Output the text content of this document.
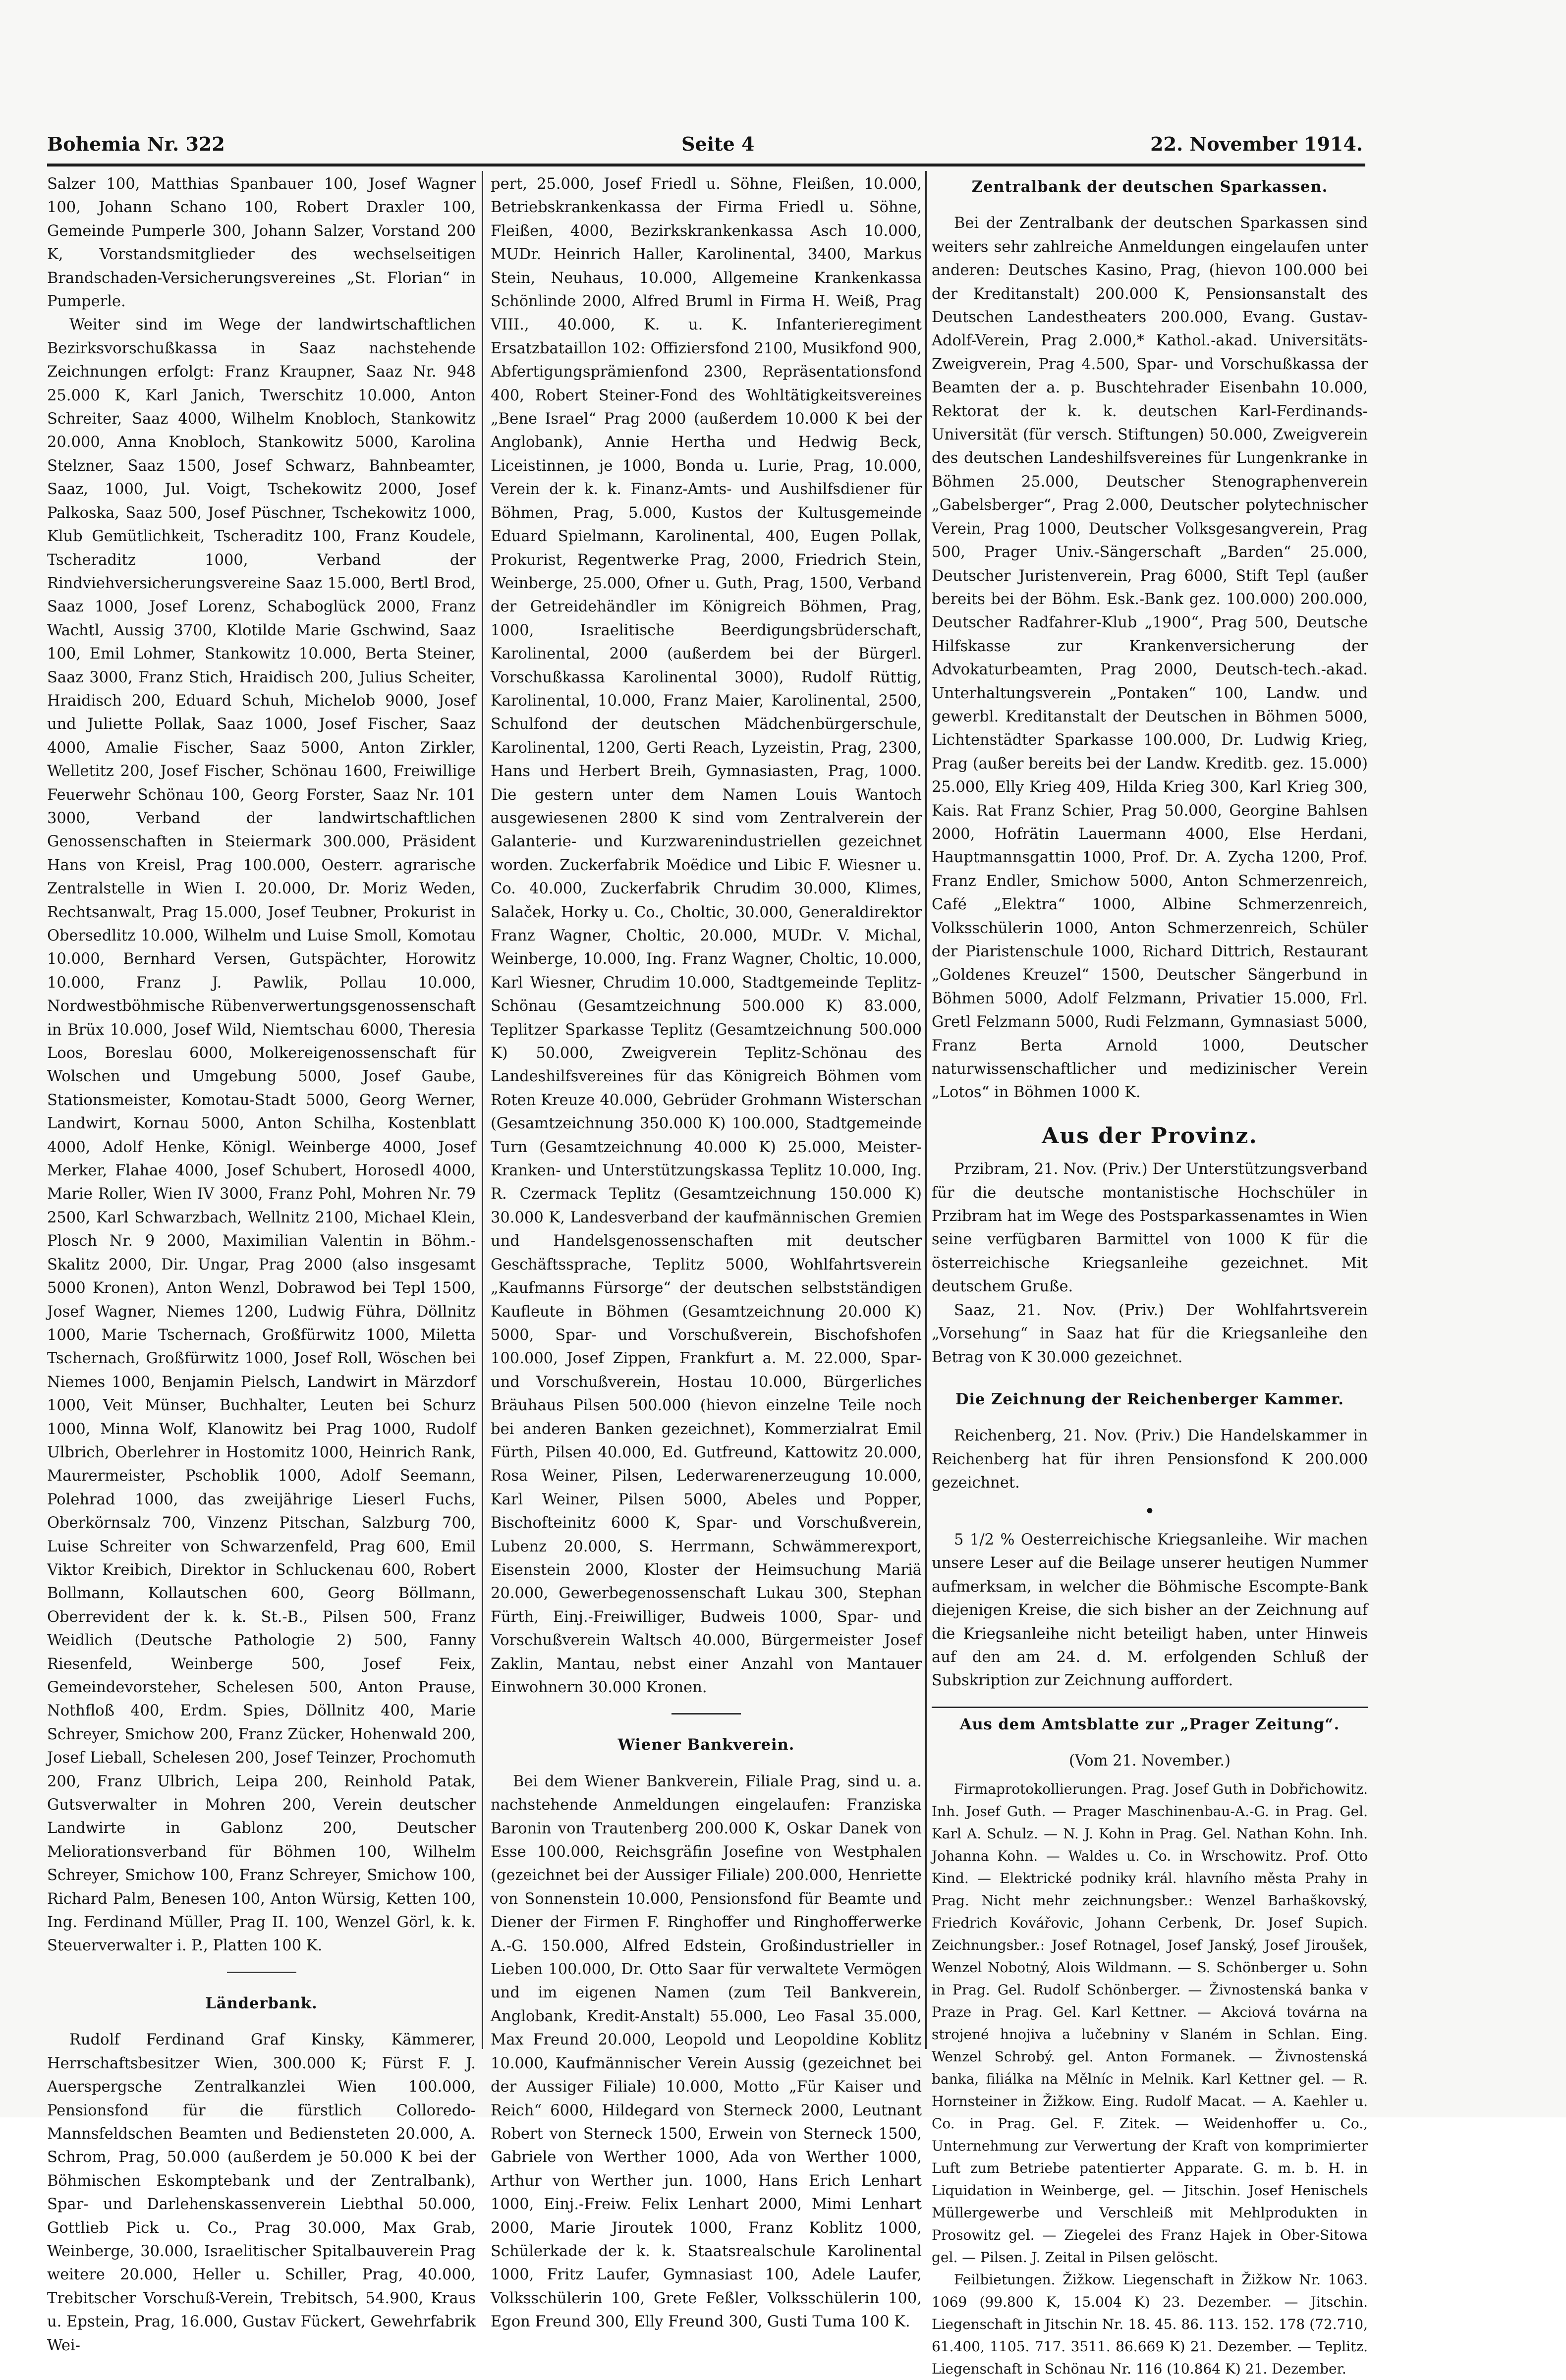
Bohemia Nr. 322	Seite 4	22. November 1914.

Salzer 100, Matthias Spanbauer 100, Josef Wagner 100, Johann Schano 100, Robert Draxler 100, Gemeinde Pumperle 300, Johann Salzer, Vorstand 200 K, Vorstandsmitglieder des wechselseitigen Brandschaden-Versicherungsvereines „St. Florian“ in Pumperle.

Weiter sind im Wege der landwirtschaftlichen Bezirksvorschußkassa in Saaz nachstehende Zeichnungen erfolgt: Franz Kraupner, Saaz Nr. 948 25.000 K, Karl Janich, Twerschitz 10.000, Anton Schreiter, Saaz 4000, Wilhelm Knobloch, Stankowitz 20.000, Anna Knobloch, Stankowitz 5000, Karolina Stelzner, Saaz 1500, Josef Schwarz, Bahnbeamter, Saaz, 1000, Jul. Voigt, Tschekowitz 2000, Josef Palkoska, Saaz 500, Josef Püschner, Tschekowitz 1000, Klub Gemütlichkeit, Tscheraditz 100, Franz Koudele, Tscheraditz 1000, Verband der Rindviehversicherungsvereine Saaz 15.000, Bertl Brod, Saaz 1000, Josef Lorenz, Schaboglück 2000, Franz Wachtl, Aussig 3700, Klotilde Marie Gschwind, Saaz 100, Emil Lohmer, Stankowitz 10.000, Berta Steiner, Saaz 3000, Franz Stich, Hraidisch 200, Julius Scheiter, Hraidisch 200, Eduard Schuh, Michelob 9000, Josef und Juliette Pollak, Saaz 1000, Josef Fischer, Saaz 4000, Amalie Fischer, Saaz 5000, Anton Zirkler, Welletitz 200, Josef Fischer, Schönau 1600, Freiwillige Feuerwehr Schönau 100, Georg Forster, Saaz Nr. 101 3000, Verband der landwirtschaftlichen Genossenschaften in Steiermark 300.000, Präsident Hans von Kreisl, Prag 100.000, Oesterr. agrarische Zentralstelle in Wien I. 20.000, Dr. Moriz Weden, Rechtsanwalt, Prag 15.000, Josef Teubner, Prokurist in Obersedlitz 10.000, Wilhelm und Luise Smoll, Komotau 10.000, Bernhard Versen, Gutspächter, Horowitz 10.000, Franz J. Pawlik, Pollau 10.000, Nordwestböhmische Rübenverwertungsgenossenschaft in Brüx 10.000, Josef Wild, Niemtschau 6000, Theresia Loos, Boreslau 6000, Molkereigenossenschaft für Wolschen und Umgebung 5000, Josef Gaube, Stationsmeister, Komotau-Stadt 5000, Georg Werner, Landwirt, Kornau 5000, Anton Schilha, Kostenblatt 4000, Adolf Henke, Königl. Weinberge 4000, Josef Merker, Flahae 4000, Josef Schubert, Horosedl 4000, Marie Roller, Wien IV 3000, Franz Pohl, Mohren Nr. 79 2500, Karl Schwarzbach, Wellnitz 2100, Michael Klein, Plosch Nr. 9 2000, Maximilian Valentin in Böhm.-Skalitz 2000, Dir. Ungar, Prag 2000 (also insgesamt 5000 Kronen), Anton Wenzl, Dobrawod bei Tepl 1500, Josef Wagner, Niemes 1200, Ludwig Führa, Döllnitz 1000, Marie Tschernach, Großfürwitz 1000, Miletta Tschernach, Großfürwitz 1000, Josef Roll, Wöschen bei Niemes 1000, Benjamin Pielsch, Landwirt in Märzdorf 1000, Veit Münser, Buchhalter, Leuten bei Schurz 1000, Minna Wolf, Klanowitz bei Prag 1000, Rudolf Ulbrich, Oberlehrer in Hostomitz 1000, Heinrich Rank, Maurermeister, Pschoblik 1000, Adolf Seemann, Polehrad 1000, das zweijährige Lieserl Fuchs, Oberkörnsalz 700, Vinzenz Pitschan, Salzburg 700, Luise Schreiter von Schwarzenfeld, Prag 600, Emil Viktor Kreibich, Direktor in Schluckenau 600, Robert Bollmann, Kollautschen 600, Georg Böllmann, Oberrevident der k. k. St.-B., Pilsen 500, Franz Weidlich (Deutsche Pathologie 2) 500, Fanny Riesenfeld, Weinberge 500, Josef Feix, Gemeindevorsteher, Schelesen 500, Anton Prause, Nothfloß 400, Erdm. Spies, Döllnitz 400, Marie Schreyer, Smichow 200, Franz Zücker, Hohenwald 200, Josef Lieball, Schelesen 200, Josef Teinzer, Prochomuth 200, Franz Ulbrich, Leipa 200, Reinhold Patak, Gutsverwalter in Mohren 200, Verein deutscher Landwirte in Gablonz 200, Deutscher Meliorationsverband für Böhmen 100, Wilhelm Schreyer, Smichow 100, Franz Schreyer, Smichow 100, Richard Palm, Benesen 100, Anton Würsig, Ketten 100, Ing. Ferdinand Müller, Prag II. 100, Wenzel Görl, k. k. Steuerverwalter i. P., Platten 100 K.

Länderbank.

Rudolf Ferdinand Graf Kinsky, Kämmerer, Herrschaftsbesitzer Wien, 300.000 K; Fürst F. J. Auerspergsche Zentralkanzlei Wien 100.000, Pensionsfond für die fürstlich Colloredo-Mannsfeldschen Beamten und Bediensteten 20.000, A. Schrom, Prag, 50.000 (außerdem je 50.000 K bei der Böhmischen Eskomptebank und der Zentralbank), Spar- und Darlehenskassenverein Liebthal 50.000, Gottlieb Pick u. Co., Prag 30.000, Max Grab, Weinberge, 30.000, Israelitischer Spitalbauverein Prag weitere 20.000, Heller u. Schiller, Prag, 40.000, Trebitscher Vorschuß-Verein, Trebitsch, 54.900, Kraus u. Epstein, Prag, 16.000, Gustav Fückert, Gewehrfabrik Wei-

pert, 25.000, Josef Friedl u. Söhne, Fleißen, 10.000, Betriebskrankenkassa der Firma Friedl u. Söhne, Fleißen, 4000, Bezirkskrankenkassa Asch 10.000, MUDr. Heinrich Haller, Karolinental, 3400, Markus Stein, Neuhaus, 10.000, Allgemeine Krankenkassa Schönlinde 2000, Alfred Bruml in Firma H. Weiß, Prag VIII., 40.000, K. u. K. Infanterieregiment Ersatzbataillon 102: Offiziersfond 2100, Musikfond 900, Abfertigungsprämienfond 2300, Repräsentationsfond 400, Robert Steiner-Fond des Wohltätigkeitsvereines „Bene Israel“ Prag 2000 (außerdem 10.000 K bei der Anglobank), Annie Hertha und Hedwig Beck, Liceistinnen, je 1000, Bonda u. Lurie, Prag, 10.000, Verein der k. k. Finanz-Amts- und Aushilfsdiener für Böhmen, Prag, 5.000, Kustos der Kultusgemeinde Eduard Spielmann, Karolinental, 400, Eugen Pollak, Prokurist, Regentwerke Prag, 2000, Friedrich Stein, Weinberge, 25.000, Ofner u. Guth, Prag, 1500, Verband der Getreidehändler im Königreich Böhmen, Prag, 1000, Israelitische Beerdigungsbrüderschaft, Karolinental, 2000 (außerdem bei der Bürgerl. Vorschußkassa Karolinental 3000), Rudolf Rüttig, Karolinental, 10.000, Franz Maier, Karolinental, 2500, Schulfond der deutschen Mädchenbürgerschule, Karolinental, 1200, Gerti Reach, Lyzeistin, Prag, 2300, Hans und Herbert Breih, Gymnasiasten, Prag, 1000. Die gestern unter dem Namen Louis Wantoch ausgewiesenen 2800 K sind vom Zentralverein der Galanterie- und Kurzwarenindustriellen gezeichnet worden. Zuckerfabrik Moëdice und Libic F. Wiesner u. Co. 40.000, Zuckerfabrik Chrudim 30.000, Klimes, Salaček, Horky u. Co., Choltic, 30.000, Generaldirektor Franz Wagner, Choltic, 20.000, MUDr. V. Michal, Weinberge, 10.000, Ing. Franz Wagner, Choltic, 10.000, Karl Wiesner, Chrudim 10.000, Stadtgemeinde Teplitz-Schönau (Gesamtzeichnung 500.000 K) 83.000, Teplitzer Sparkasse Teplitz (Gesamtzeichnung 500.000 K) 50.000, Zweigverein Teplitz-Schönau des Landeshilfsvereines für das Königreich Böhmen vom Roten Kreuze 40.000, Gebrüder Grohmann Wisterschan (Gesamtzeichnung 350.000 K) 100.000, Stadtgemeinde Turn (Gesamtzeichnung 40.000 K) 25.000, Meister-Kranken- und Unterstützungskassa Teplitz 10.000, Ing. R. Czermack Teplitz (Gesamtzeichnung 150.000 K) 30.000 K, Landesverband der kaufmännischen Gremien und Handelsgenossenschaften mit deutscher Geschäftssprache, Teplitz 5000, Wohlfahrtsverein „Kaufmanns Fürsorge“ der deutschen selbstständigen Kaufleute in Böhmen (Gesamtzeichnung 20.000 K) 5000, Spar- und Vorschußverein, Bischofshofen 100.000, Josef Zippen, Frankfurt a. M. 22.000, Spar- und Vorschußverein, Hostau 10.000, Bürgerliches Bräuhaus Pilsen 500.000 (hievon einzelne Teile noch bei anderen Banken gezeichnet), Kommerzialrat Emil Fürth, Pilsen 40.000, Ed. Gutfreund, Kattowitz 20.000, Rosa Weiner, Pilsen, Lederwarenerzeugung 10.000, Karl Weiner, Pilsen 5000, Abeles und Popper, Bischofteinitz 6000 K, Spar- und Vorschußverein, Lubenz 20.000, S. Herrmann, Schwämmerexport, Eisenstein 2000, Kloster der Heimsuchung Mariä 20.000, Gewerbegenossenschaft Lukau 300, Stephan Fürth, Einj.-Freiwilliger, Budweis 1000, Spar- und Vorschußverein Waltsch 40.000, Bürgermeister Josef Zaklin, Mantau, nebst einer Anzahl von Mantauer Einwohnern 30.000 Kronen.

Wiener Bankverein.

Bei dem Wiener Bankverein, Filiale Prag, sind u. a. nachstehende Anmeldungen eingelaufen: Franziska Baronin von Trautenberg 200.000 K, Oskar Danek von Esse 100.000, Reichsgräfin Josefine von Westphalen (gezeichnet bei der Aussiger Filiale) 200.000, Henriette von Sonnenstein 10.000, Pensionsfond für Beamte und Diener der Firmen F. Ringhoffer und Ringhofferwerke A.-G. 150.000, Alfred Edstein, Großindustrieller in Lieben 100.000, Dr. Otto Saar für verwaltete Vermögen und im eigenen Namen (zum Teil Bankverein, Anglobank, Kredit-Anstalt) 55.000, Leo Fasal 35.000, Max Freund 20.000, Leopold und Leopoldine Koblitz 10.000, Kaufmännischer Verein Aussig (gezeichnet bei der Aussiger Filiale) 10.000, Motto „Für Kaiser und Reich“ 6000, Hildegard von Sterneck 2000, Leutnant Robert von Sterneck 1500, Erwein von Sterneck 1500, Gabriele von Werther 1000, Ada von Werther 1000, Arthur von Werther jun. 1000, Hans Erich Lenhart 1000, Einj.-Freiw. Felix Lenhart 2000, Mimi Lenhart 2000, Marie Jiroutek 1000, Franz Koblitz 1000, Schülerkade der k. k. Staatsrealschule Karolinental 1000, Fritz Laufer, Gymnasiast 100, Adele Laufer, Volksschülerin 100, Grete Feßler, Volksschülerin 100, Egon Freund 300, Elly Freund 300, Gusti Tuma 100 K.

Zentralbank der deutschen Sparkassen.

Bei der Zentralbank der deutschen Sparkassen sind weiters sehr zahlreiche Anmeldungen eingelaufen unter anderen: Deutsches Kasino, Prag, (hievon 100.000 bei der Kreditanstalt) 200.000 K, Pensionsanstalt des Deutschen Landestheaters 200.000, Evang. Gustav-Adolf-Verein, Prag 2.000,* Kathol.-akad. Universitäts-Zweigverein, Prag 4.500, Spar- und Vorschußkassa der Beamten der a. p. Buschtehrader Eisenbahn 10.000, Rektorat der k. k. deutschen Karl-Ferdinands-Universität (für versch. Stiftungen) 50.000, Zweigverein des deutschen Landeshilfsvereines für Lungenkranke in Böhmen 25.000, Deutscher Stenographenverein „Gabelsberger“, Prag 2.000, Deutscher polytechnischer Verein, Prag 1000, Deutscher Volksgesangverein, Prag 500, Prager Univ.-Sängerschaft „Barden“ 25.000, Deutscher Juristenverein, Prag 6000, Stift Tepl (außer bereits bei der Böhm. Esk.-Bank gez. 100.000) 200.000, Deutscher Radfahrer-Klub „1900“, Prag 500, Deutsche Hilfskasse zur Krankenversicherung der Advokaturbeamten, Prag 2000, Deutsch-tech.-akad. Unterhaltungsverein „Pontaken“ 100, Landw. und gewerbl. Kreditanstalt der Deutschen in Böhmen 5000, Lichtenstädter Sparkasse 100.000, Dr. Ludwig Krieg, Prag (außer bereits bei der Landw. Kreditb. gez. 15.000) 25.000, Elly Krieg 409, Hilda Krieg 300, Karl Krieg 300, Kais. Rat Franz Schier, Prag 50.000, Georgine Bahlsen 2000, Hofrätin Lauermann 4000, Else Herdani, Hauptmannsgattin 1000, Prof. Dr. A. Zycha 1200, Prof. Franz Endler, Smichow 5000, Anton Schmerzenreich, Café „Elektra“ 1000, Albine Schmerzenreich, Volksschülerin 1000, Anton Schmerzenreich, Schüler der Piaristenschule 1000, Richard Dittrich, Restaurant „Goldenes Kreuzel“ 1500, Deutscher Sängerbund in Böhmen 5000, Adolf Felzmann, Privatier 15.000, Frl. Gretl Felzmann 5000, Rudi Felzmann, Gymnasiast 5000, Franz Berta Arnold 1000, Deutscher naturwissenschaftlicher und medizinischer Verein „Lotos“ in Böhmen 1000 K.

Aus der Provinz.

Przibram, 21. Nov. (Priv.) Der Unterstützungsverband für die deutsche montanistische Hochschüler in Przibram hat im Wege des Postsparkassenamtes in Wien seine verfügbaren Barmittel von 1000 K für die österreichische Kriegsanleihe gezeichnet. Mit deutschem Gruße.

Saaz, 21. Nov. (Priv.) Der Wohlfahrtsverein „Vorsehung“ in Saaz hat für die Kriegsanleihe den Betrag von K 30.000 gezeichnet.

Die Zeichnung der Reichenberger Kammer.

Reichenberg, 21. Nov. (Priv.) Die Handelskammer in Reichenberg hat für ihren Pensionsfond K 200.000 gezeichnet.

•

5 1/2 % Oesterreichische Kriegsanleihe. Wir machen unsere Leser auf die Beilage unserer heutigen Nummer aufmerksam, in welcher die Böhmische Escompte-Bank diejenigen Kreise, die sich bisher an der Zeichnung auf die Kriegsanleihe nicht beteiligt haben, unter Hinweis auf den am 24. d. M. erfolgenden Schluß der Subskription zur Zeichnung auffordert.

Aus dem Amtsblatte zur „Prager Zeitung“.
(Vom 21. November.)

Firmaprotokollierungen. Prag. Josef Guth in Dobřichowitz. Inh. Josef Guth. — Prager Maschinenbau-A.-G. in Prag. Gel. Karl A. Schulz. — N. J. Kohn in Prag. Gel. Nathan Kohn. Inh. Johanna Kohn. — Waldes u. Co. in Wrschowitz. Prof. Otto Kind. — Elektrické podniky král. hlavního města Prahy in Prag. Nicht mehr zeichnungsber.: Wenzel Barhaškovský, Friedrich Kovářovic, Johann Cerbenk, Dr. Josef Supich. Zeichnungsber.: Josef Rotnagel, Josef Janský, Josef Jiroušek, Wenzel Nobotný, Alois Wildmann. — S. Schönberger u. Sohn in Prag. Gel. Rudolf Schönberger. — Živnostenská banka v Praze in Prag. Gel. Karl Kettner. — Akciová továrna na strojené hnojiva a lučebniny v Slaném in Schlan. Eing. Wenzel Schrobý. gel. Anton Formanek. — Živnostenská banka, filiálka na Mělníc in Melnik. Karl Kettner gel. — R. Hornsteiner in Žižkow. Eing. Rudolf Macat. — A. Kaehler u. Co. in Prag. Gel. F. Zitek. — Weidenhoffer u. Co., Unternehmung zur Verwertung der Kraft von komprimierter Luft zum Betriebe patentierter Apparate. G. m. b. H. in Liquidation in Weinberge, gel. — Jitschin. Josef Henischels Müllergewerbe und Verschleiß mit Mehlprodukten in Prosowitz gel. — Ziegelei des Franz Hajek in Ober-Sitowa gel. — Pilsen. J. Zeital in Pilsen gelöscht.

Feilbietungen. Žižkow. Liegenschaft in Žižkow Nr. 1063. 1069 (99.800 K, 15.004 K) 23. Dezember. — Jitschin. Liegenschaft in Jitschin Nr. 18. 45. 86. 113. 152. 178 (72.710, 61.400, 1105. 717. 3511. 86.669 K) 21. Dezember. — Teplitz. Liegenschaft in Schönau Nr. 116 (10.864 K) 21. Dezember.
